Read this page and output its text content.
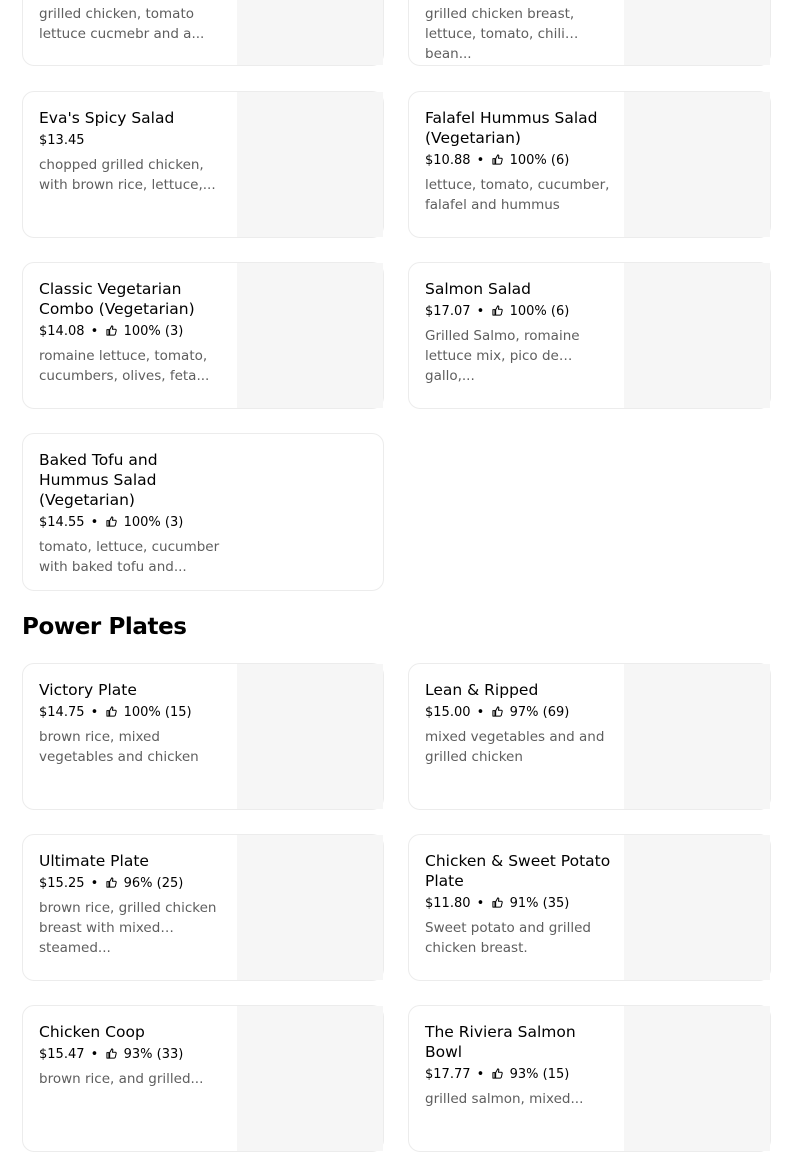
grilled chicken, tomato lettuce cucmebr and a...
grilled chicken breast, lettuce, tomato, chili bean...
Eva's Spicy Salad
$13.45
chopped grilled chicken, with brown rice, lettuce,...
Falafel Hummus Salad (Vegetarian)
$10.88 • 100% (6)
lettuce, tomato, cucumber, falafel and hummus
Classic Vegetarian Combo (Vegetarian)
$14.08 • 100% (3)
romaine lettuce, tomato, cucumbers, olives, feta...
Salmon Salad
$17.07 • 100% (6)
Grilled Salmo, romaine lettuce mix, pico de gallo,...
Baked Tofu and Hummus Salad (Vegetarian)
$14.55 • 100% (3)
tomato, lettuce, cucumber with baked tofu and...
Power Plates
Victory Plate
$14.75 • 100% (15)
brown rice, mixed vegetables and chicken
Lean & Ripped
$15.00 • 97% (69)
mixed vegetables and and grilled chicken
Ultimate Plate
$15.25 • 96% (25)
brown rice, grilled chicken breast with mixed steamed...
Chicken & Sweet Potato Plate
$11.80 • 91% (35)
Sweet potato and grilled chicken breast.
Chicken Coop
$15.47 • 93% (33)
brown rice, and grilled...
The Riviera Salmon Bowl
$17.77 • 93% (15)
grilled salmon, mixed...
